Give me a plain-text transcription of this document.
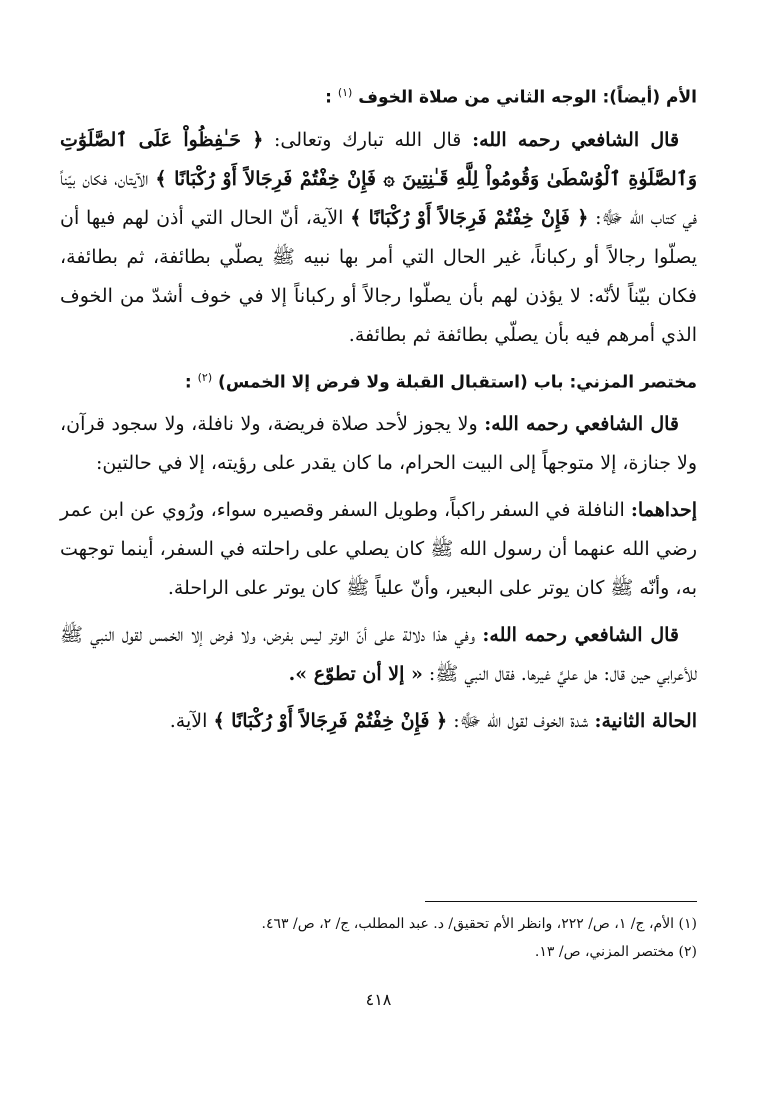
الأم (أيضاً): الوجه الثاني من صلاة الخوف $^{(١)}$ :

قال الشافعي رحمه الله: قال الله تبارك وتعالى: ﴿ حَـٰفِظُواْ عَلَى ٱلصَّلَوَٰتِ وَٱلصَّلَوٰةِ ٱلْوُسْطَىٰ وَقُومُواْ لِلَّهِ قَـٰنِتِينَ ۞ فَإِنْ خِفْتُمْ فَرِجَالاً أَوْ رُكْبَانًا ﴾ الآيتان، فكان بيّناً في كتاب الله ﷻ: ﴿ فَإِنْ خِفْتُمْ فَرِجَالاً أَوْ رُكْبَانًا ﴾ الآية، أنّ الحال التي أذن لهم فيها أن يصلّوا رجالاً أو ركباناً، غير الحال التي أمر بها نبيه ﷺ يصلّي بطائفة، ثم بطائفة، فكان بيّناً لأنّه: لا يؤذن لهم بأن يصلّوا رجالاً أو ركباناً إلا في خوف أشدّ من الخوف الذي أمرهم فيه بأن يصلّي بطائفة ثم بطائفة.

مختصر المزني: باب (استقبال القبلة ولا فرض إلا الخمس) $^{(٢)}$ :

قال الشافعي رحمه الله: ولا يجوز لأحد صلاة فريضة، ولا نافلة، ولا سجود قرآن، ولا جنازة، إلا متوجهاً إلى البيت الحرام، ما كان يقدر على رؤيته، إلا في حالتين:

إحداهما: النافلة في السفر راكباً، وطويل السفر وقصيره سواء، ورُوي عن ابن عمر رضي الله عنهما أن رسول الله ﷺ كان يصلي على راحلته في السفر، أينما توجهت به، وأنّه ﷺ كان يوتر على البعير، وأنّ علياً ﷺ كان يوتر على الراحلة.

قال الشافعي رحمه الله: وفي هذا دلالة على أنّ الوتر ليس بفرض، ولا فرض إلا الخمس لقول النبي ﷺ للأعرابي حين قال: هل عليَّ غيرها. فقال النبي ﷺ: « إلا أن تطوّع ».

الحالة الثانية: شدة الخوف لقول الله ﷻ: ﴿ فَإِنْ خِفْتُمْ فَرِجَالاً أَوْ رُكْبَانًا ﴾ الآية.

(١) الأم، ج/ ١، ص/ ٢٢٢، وانظر الأم تحقيق/ د. عبد المطلب، ج/ ٢، ص/ ٤٦٣.

(٢) مختصر المزني، ص/ ١٣.

٤١٨
